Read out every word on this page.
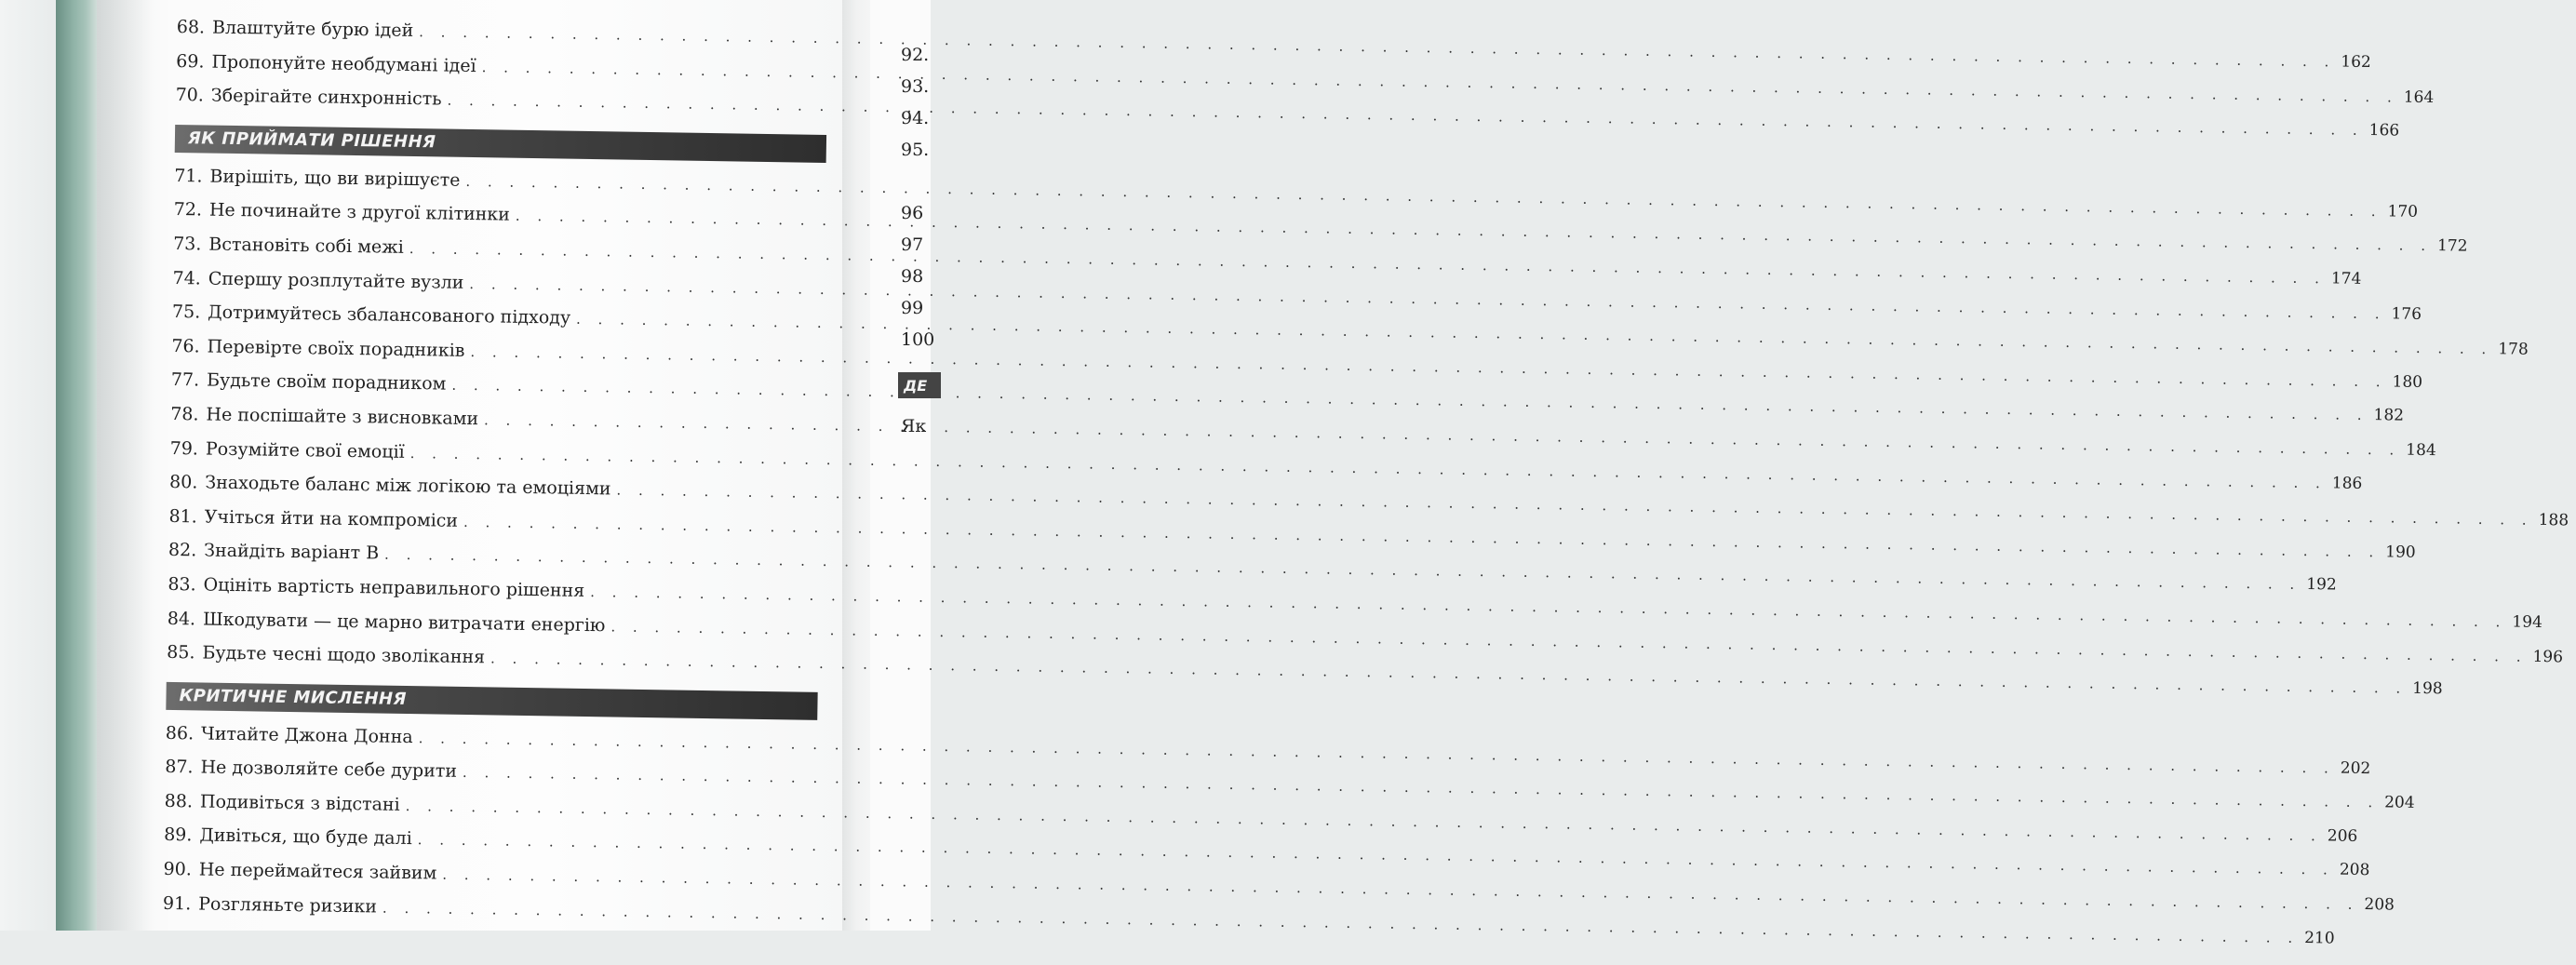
68. Влаштуйте бурю ідей
. . .
162
69. Пропонуйте необдумані ідеї
. . .
164
70. Зберігайте синхронність
. . .
166
ЯК ПРИЙМАТИ РІШЕННЯ
71. Вирішіть, що ви вирішуєте
. . .
170
72. Не починайте з другої клітинки
. . .
172
73. Встановіть собі межі
. . .
174
74. Спершу розплутайте вузли
. . .
176
75. Дотримуйтесь збалансованого підходу
. . .
178
76. Перевірте своїх порадників
. . .
180
77. Будьте своїм порадником
. . .
182
78. Не поспішайте з висновками
. . .
184
79. Розумійте свої емоції
. . .
186
80. Знаходьте баланс між логікою та емоціями
. . .
188
81. Учіться йти на компроміси
. . .
190
82. Знайдіть варіант В
. . .
192
83. Оцініть вартість неправильного рішення
. . .
194
84. Шкодувати — це марно витрачати енергію
. . .
196
85. Будьте чесні щодо зволікання
. . .
198
КРИТИЧНЕ МИСЛЕННЯ
86. Читайте Джона Донна
. . .
202
87. Не дозволяйте себе дурити
. . .
204
88. Подивіться з відстані
. . .
206
89. Дивіться, що буде далі
. . .
208
90. Не переймайтеся зайвим
. . .
208
91. Розгляньте ризики
. . .
210
92.
93.
94.
95.
96
97
98
99
100
ДЕ
Як
